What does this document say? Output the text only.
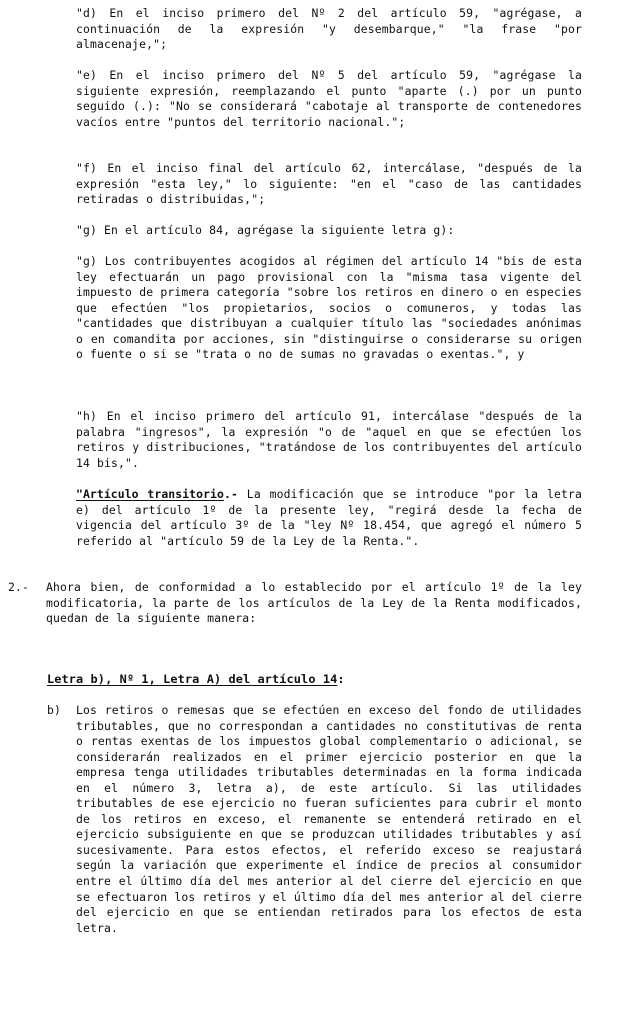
"d) En el inciso primero del Nº 2 del artículo 59, "agrégase, a continuación de la expresión "y desembarque," "la frase "por almacenaje,";
"e) En el inciso primero del Nº 5 del artículo 59, "agrégase la siguiente expresión, reemplazando el punto "aparte (.) por un punto seguido (.): "No se considerará "cabotaje al transporte de contenedores vacíos entre "puntos del territorio nacional.";
"f) En el inciso final del artículo 62, intercálase, "después de la expresión "esta ley," lo siguiente: "en el "caso de las cantidades retiradas o distribuidas,";
"g) En el artículo 84, agrégase la siguiente letra g):
"g) Los contribuyentes acogidos al régimen del artículo 14 "bis de esta ley efectuarán un pago provisional con la "misma tasa vigente del impuesto de primera categoría "sobre los retiros en dinero o en especies que efectúen "los propietarios, socios o comuneros, y todas las "cantidades que distribuyan a cualquier título las "sociedades anónimas o en comandita por acciones, sin "distinguirse o considerarse su origen o fuente o si se "trata o no de sumas no gravadas o exentas.", y
"h) En el inciso primero del artículo 91, intercálase "después de la palabra "ingresos", la expresión "o de "aquel en que se efectúen los retiros y distribuciones, "tratándose de los contribuyentes del artículo 14 bis,".
"Artículo transitorio.- La modificación que se introduce "por la letra e) del artículo 1º de la presente ley, "regirá desde la fecha de vigencia del artículo 3º de la "ley Nº 18.454, que agregó el número 5 referido al "artículo 59 de la Ley de la Renta.".
2.-	Ahora bien, de conformidad a lo establecido por el artículo 1º de la ley modificatoria, la parte de los artículos de la Ley de la Renta modificados, quedan de la siguiente manera:
Letra b), Nº 1, Letra A) del artículo 14:
b)	Los retiros o remesas que se efectúen en exceso del fondo de utilidades tributables, que no correspondan a cantidades no constitutivas de renta o rentas exentas de los impuestos global complementario o adicional, se considerarán realizados en el primer ejercicio posterior en que la empresa tenga utilidades tributables determinadas en la forma indicada en el número 3, letra a), de este artículo. Si las utilidades tributables de ese ejercicio no fueran suficientes para cubrir el monto de los retiros en exceso, el remanente se entenderá retirado en el ejercicio subsiguiente en que se produzcan utilidades tributables y así sucesivamente. Para estos efectos, el referido exceso se reajustará según la variación que experimente el índice de precios al consumidor entre el último día del mes anterior al del cierre del ejercicio en que se efectuaron los retiros y el último día del mes anterior al del cierre del ejercicio en que se entiendan retirados para los efectos de esta letra.
